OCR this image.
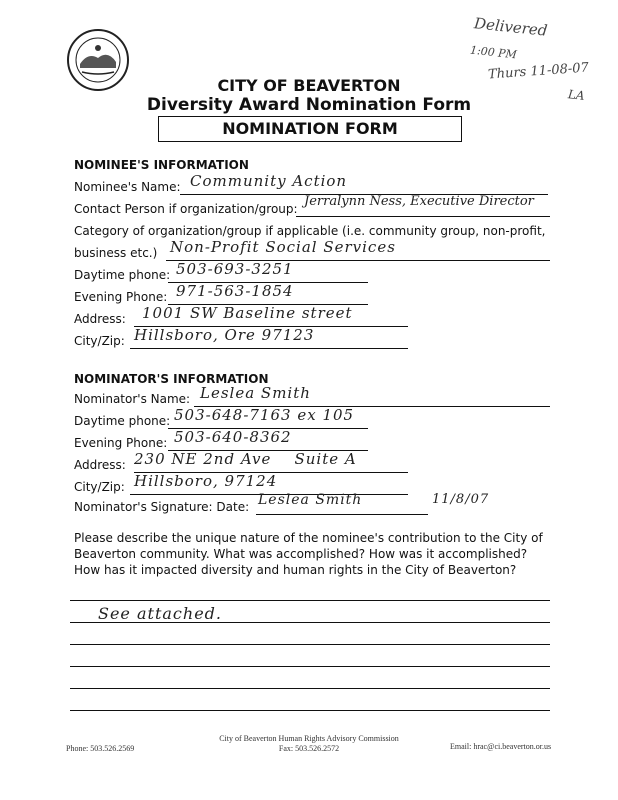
Delivered
1:00 PM
Thurs 11-08-07
LA
CITY OF BEAVERTON
Diversity Award Nomination Form
NOMINATION FORM
NOMINEE'S INFORMATION
Nominee's Name: Community Action
Contact Person if organization/group: Jerralynn Ness, Executive Director
Category of organization/group if applicable (i.e. community group, non-profit,
business etc.) Non-Profit Social Services
Daytime phone: 503-693-3251
Evening Phone: 971-563-1854
Address: 1001 SW Baseline street
City/Zip: Hillsboro, Ore 97123
NOMINATOR'S INFORMATION
Nominator's Name: Leslea Smith
Daytime phone: 503-648-7163 ex 105
Evening Phone: 503-640-8362
Address: 230 NE 2nd Ave    Suite A
City/Zip: Hillsboro, 97124
Nominator's Signature: Date: Leslea Smith	11/8/07
Please describe the unique nature of the nominee's contribution to the City of Beaverton community. What was accomplished? How was it accomplished? How has it impacted diversity and human rights in the City of Beaverton?
See attached.
City of Beaverton Human Rights Advisory Commission
Phone: 503.526.2569	Fax: 503.526.2572	Email: hrac@ci.beaverton.or.us
